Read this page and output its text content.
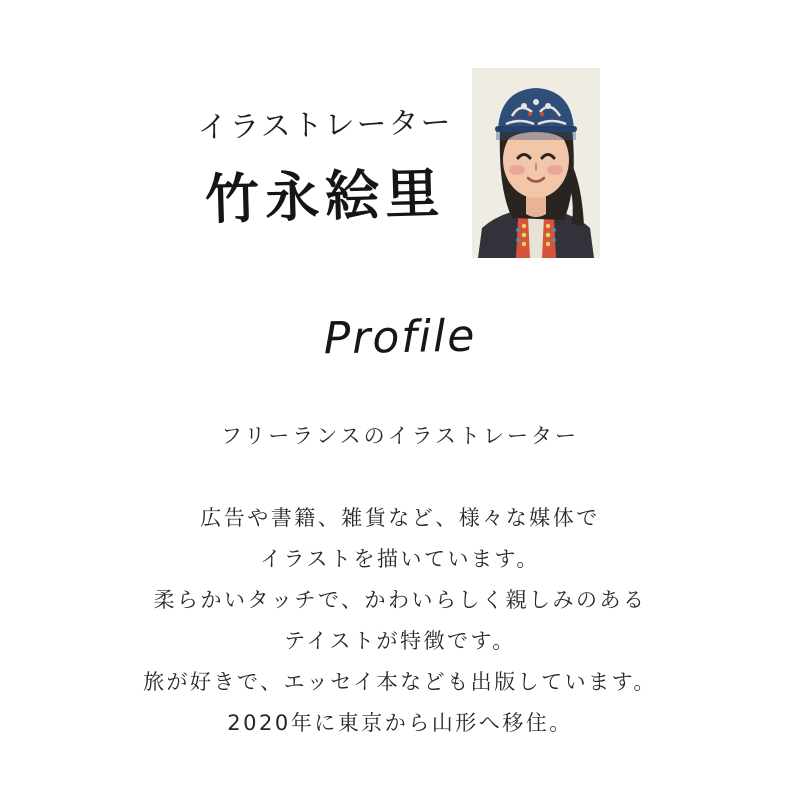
イラストレーター
竹永絵里
Profile
フリーランスのイラストレーター
広告や書籍、雑貨など、様々な媒体で
イラストを描いています。
柔らかいタッチで、かわいらしく親しみのある
テイストが特徴です。
旅が好きで、エッセイ本なども出版しています。
2020年に東京から山形へ移住。
